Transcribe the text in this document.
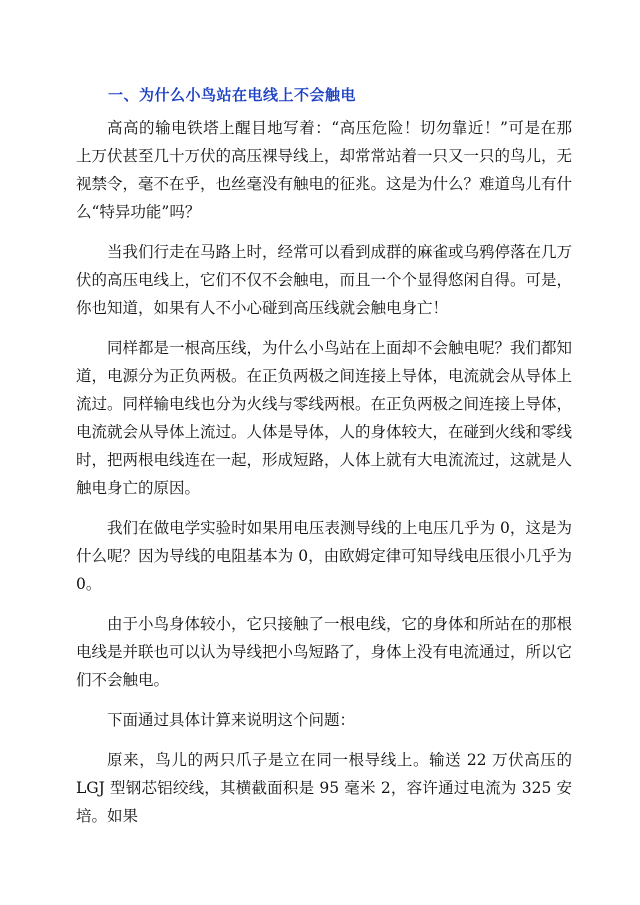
一、为什么小鸟站在电线上不会触电

高高的输电铁塔上醒目地写着：“高压危险！切勿靠近！”可是在那上万伏甚至几十万伏的高压裸导线上，却常常站着一只又一只的鸟儿，无视禁令，毫不在乎，也丝毫没有触电的征兆。这是为什么？难道鸟儿有什么“特异功能”吗？

当我们行走在马路上时，经常可以看到成群的麻雀或乌鸦停落在几万伏的高压电线上，它们不仅不会触电，而且一个个显得悠闲自得。可是，你也知道，如果有人不小心碰到高压线就会触电身亡！

同样都是一根高压线，为什么小鸟站在上面却不会触电呢？我们都知道，电源分为正负两极。在正负两极之间连接上导体，电流就会从导体上流过。同样输电线也分为火线与零线两根。在正负两极之间连接上导体，电流就会从导体上流过。人体是导体，人的身体较大，在碰到火线和零线时，把两根电线连在一起，形成短路，人体上就有大电流流过，这就是人触电身亡的原因。

我们在做电学实验时如果用电压表测导线的上电压几乎为 0，这是为什么呢？因为导线的电阻基本为 0，由欧姆定律可知导线电压很小几乎为 0。

由于小鸟身体较小，它只接触了一根电线，它的身体和所站在的那根电线是并联也可以认为导线把小鸟短路了，身体上没有电流通过，所以它们不会触电。

下面通过具体计算来说明这个问题：

原来，鸟儿的两只爪子是立在同一根导线上。输送 22 万伏高压的 LGJ 型钢芯铝绞线，其横截面积是 95 毫米 2，容许通过电流为 325 安培。如果
